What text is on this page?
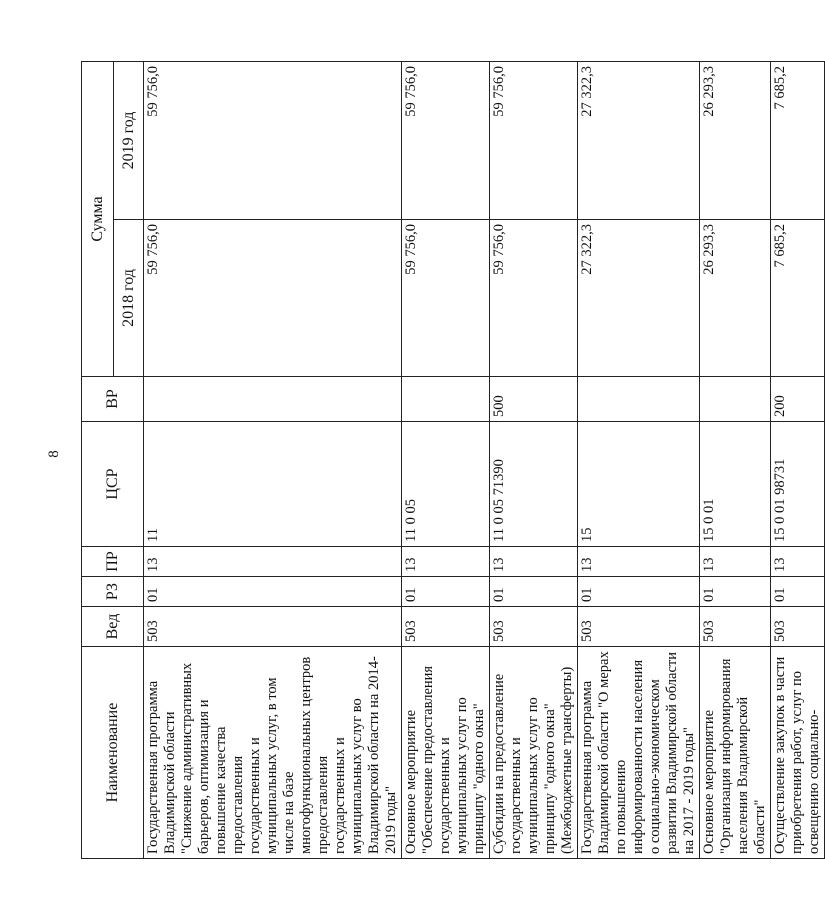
8
Наименование	Вед	РЗ	ПР	ЦСР	ВР	Сумма	
						2018 год	2019 год
Государственная программа Владимирской области "Снижение административных барьеров, оптимизация и повышение качества предоставления государственных и муниципальных услуг, в том числе на базе многофункциональных центров предоставления государственных и муниципальных услуг во Владимирской области на 2014-2019 годы"	503	01	13	11		59 756,0	59 756,0
Основное мероприятие "Обеспечение предоставления государственных и муниципальных услуг по принципу "одного окна"	503	01	13	11 0 05		59 756,0	59 756,0
Субсидии на предоставление государственных и муниципальных услуг по принципу "одного окна" (Межбюджетные трансферты)	503	01	13	11 0 05 71390	500	59 756,0	59 756,0
Государственная программа Владимирской области "О мерах по повышению информированности населения о социально-экономическом развитии Владимирской области на 2017 - 2019 годы"	503	01	13	15		27 322,3	27 322,3
Основное мероприятие "Организация информирования населения Владимирской области"	503	01	13	15 0 01		26 293,3	26 293,3
Осуществление закупок в части приобретения работ, услуг по освещению социально-	503	01	13	15 0 01 98731	200	7 685,2	7 685,2
